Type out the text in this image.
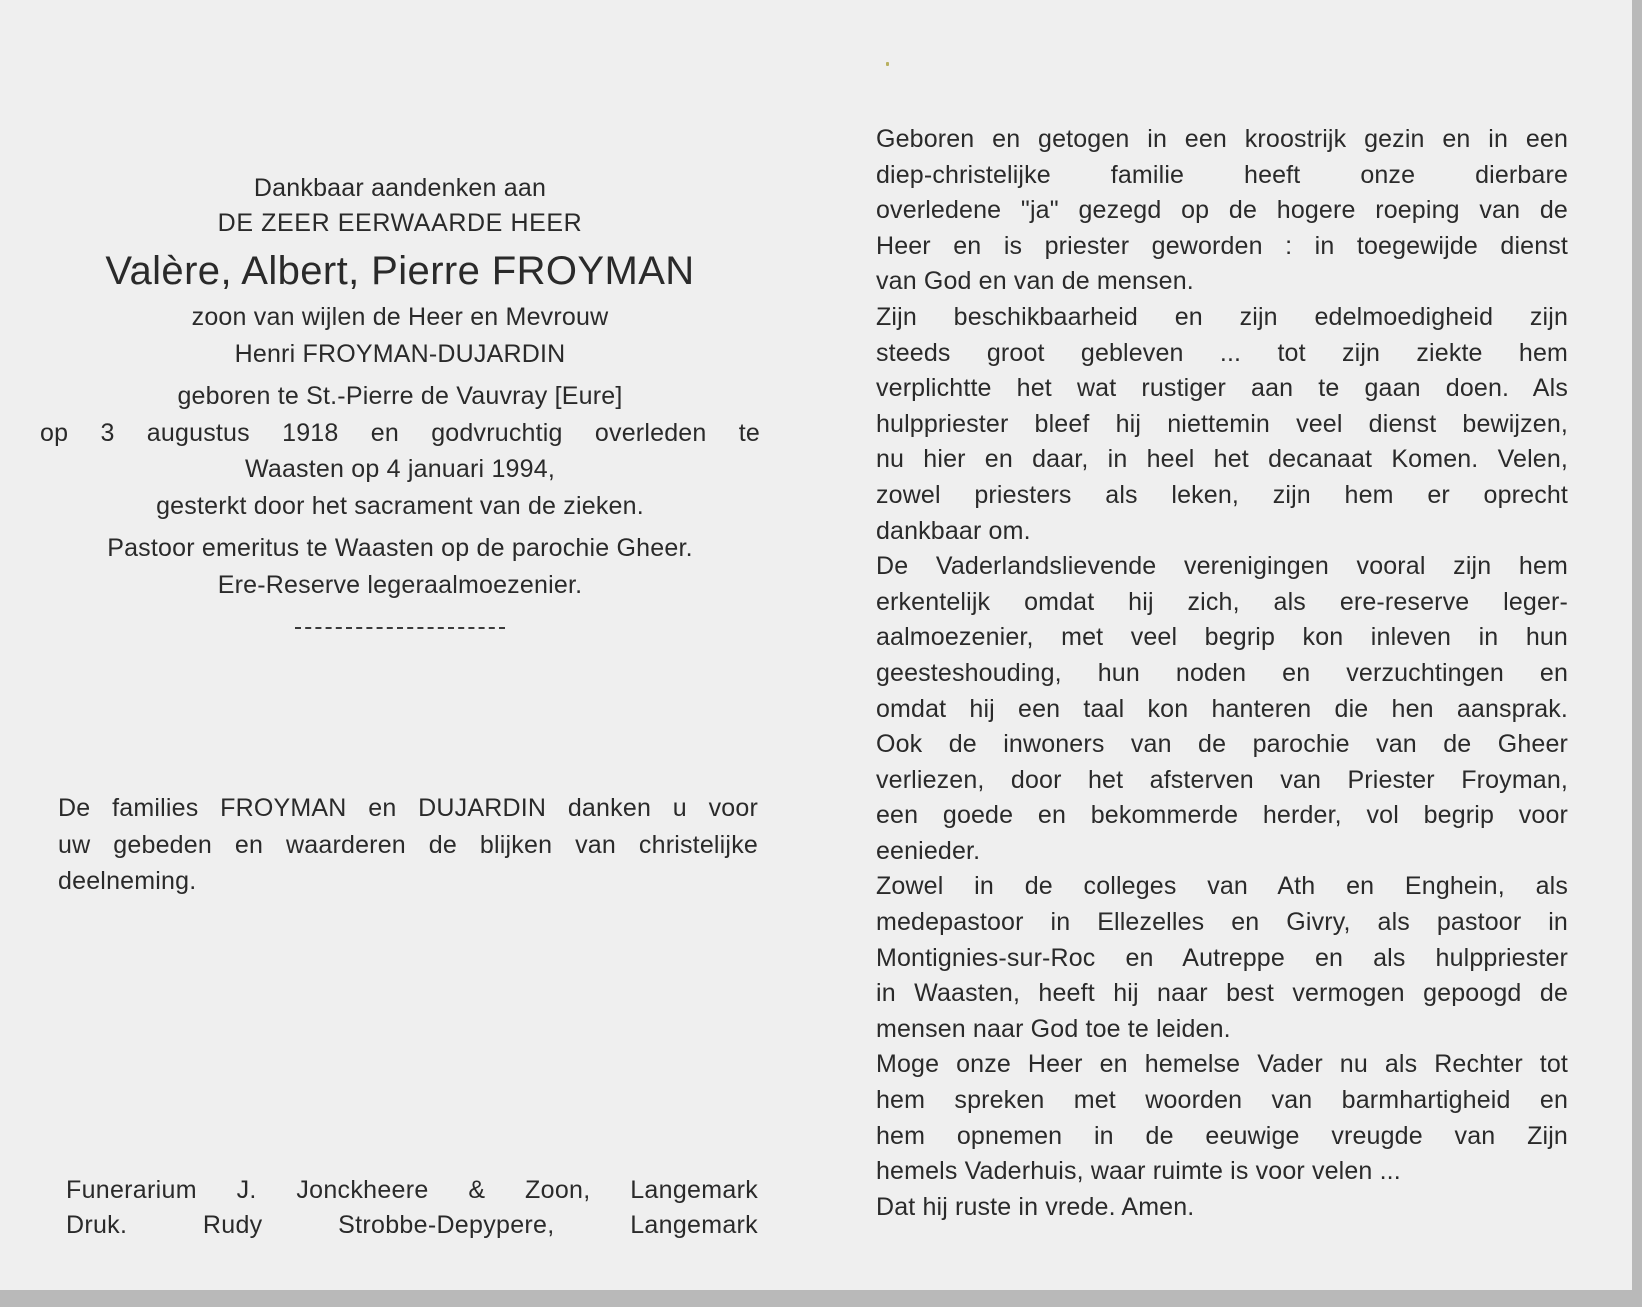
Dankbaar aandenken aan
DE ZEER EERWAARDE HEER
Valère, Albert, Pierre FROYMAN
zoon van wijlen de Heer en Mevrouw
Henri FROYMAN-DUJARDIN
geboren te St.-Pierre de Vauvray [Eure]
op 3 augustus 1918 en godvruchtig overleden te
Waasten op 4 januari 1994,
gesterkt door het sacrament van de zieken.
Pastoor emeritus te Waasten op de parochie Gheer.
Ere-Reserve legeraalmoezenier.
De families FROYMAN en DUJARDIN danken u voor
uw gebeden en waarderen de blijken van christelijke
deelneming.
Funerarium J. Jonckheere & Zoon, Langemark
Druk.	Rudy	Strobbe-Depypere,	Langemark
Geboren en getogen in een kroostrijk gezin en in een
diep-christelijke familie heeft onze dierbare
overledene "ja" gezegd op de hogere roeping van de
Heer en is priester geworden : in toegewijde dienst
van God en van de mensen.
Zijn beschikbaarheid en zijn edelmoedigheid zijn
steeds groot gebleven ... tot zijn ziekte hem
verplichtte het wat rustiger aan te gaan doen. Als
hulppriester bleef hij niettemin veel dienst bewijzen,
nu hier en daar, in heel het decanaat Komen. Velen,
zowel priesters als leken, zijn hem er oprecht
dankbaar om.
De Vaderlandslievende verenigingen vooral zijn hem
erkentelijk omdat hij zich, als ere-reserve leger-
aalmoezenier, met veel begrip kon inleven in hun
geesteshouding, hun noden en verzuchtingen en
omdat hij een taal kon hanteren die hen aansprak.
Ook de inwoners van de parochie van de Gheer
verliezen, door het afsterven van Priester Froyman,
een goede en bekommerde herder, vol begrip voor
eenieder.
Zowel in de colleges van Ath en Enghein, als
medepastoor in Ellezelles en Givry, als pastoor in
Montignies-sur-Roc en Autreppe en als hulppriester
in Waasten, heeft hij naar best vermogen gepoogd de
mensen naar God toe te leiden.
Moge onze Heer en hemelse Vader nu als Rechter tot
hem spreken met woorden van barmhartigheid en
hem opnemen in de eeuwige vreugde van Zijn
hemels Vaderhuis, waar ruimte is voor velen ...
Dat hij ruste in vrede. Amen.
